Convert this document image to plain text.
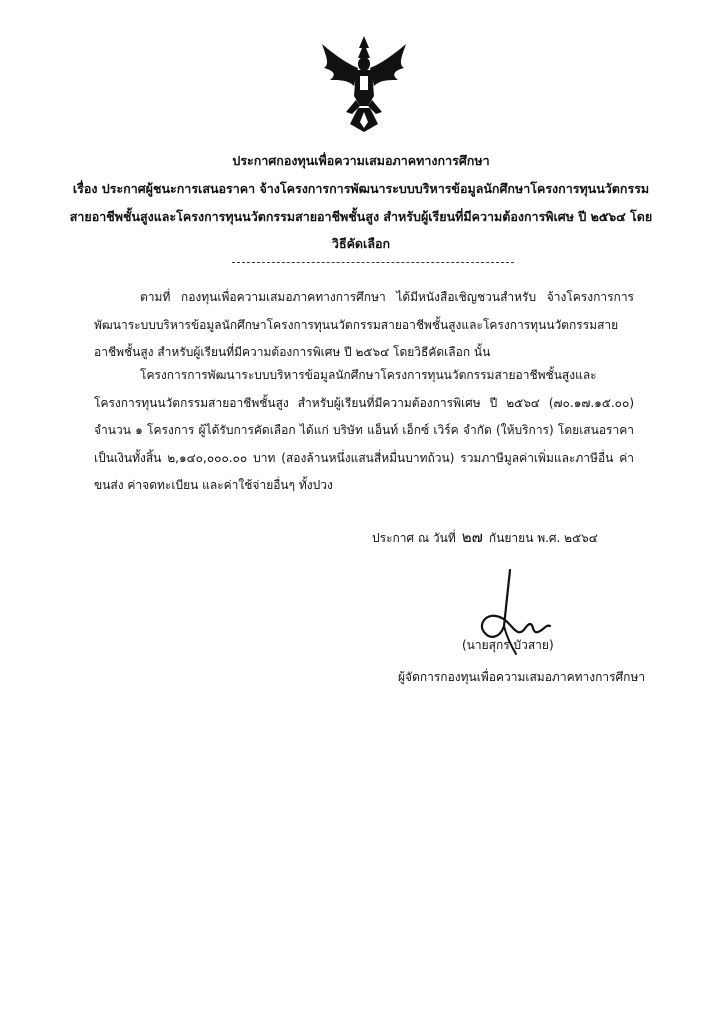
ประกาศกองทุนเพื่อความเสมอภาคทางการศึกษา
เรื่อง ประกาศผู้ชนะการเสนอราคา จ้างโครงการการพัฒนาระบบบริหารข้อมูลนักศึกษาโครงการทุนนวัตกรรม
สายอาชีพชั้นสูงและโครงการทุนนวัตกรรมสายอาชีพชั้นสูง สำหรับผู้เรียนที่มีความต้องการพิเศษ ปี ๒๕๖๔ โดย
วิธีคัดเลือก
ตามที่ กองทุนเพื่อความเสมอภาคทางการศึกษา ได้มีหนังสือเชิญชวนสำหรับ จ้างโครงการการพัฒนาระบบบริหารข้อมูลนักศึกษาโครงการทุนนวัตกรรมสายอาชีพชั้นสูงและโครงการทุนนวัตกรรมสายอาชีพชั้นสูง สำหรับผู้เรียนที่มีความต้องการพิเศษ ปี ๒๕๖๔ โดยวิธีคัดเลือก นั้น
โครงการการพัฒนาระบบบริหารข้อมูลนักศึกษาโครงการทุนนวัตกรรมสายอาชีพชั้นสูงและโครงการทุนนวัตกรรมสายอาชีพชั้นสูง สำหรับผู้เรียนที่มีความต้องการพิเศษ ปี ๒๕๖๔ (๗๐.๑๗.๑๕.๐๐) จำนวน ๑ โครงการ ผู้ได้รับการคัดเลือก ได้แก่ บริษัท แอ็นท์ เอ็กซ์ เวิร์ค จำกัด (ให้บริการ) โดยเสนอราคา เป็นเงินทั้งสิ้น ๒,๑๔๐,๐๐๐.๐๐ บาท (สองล้านหนึ่งแสนสี่หมื่นบาทถ้วน) รวมภาษีมูลค่าเพิ่มและภาษีอื่น ค่าขนส่ง ค่าจดทะเบียน และค่าใช้จ่ายอื่นๆ ทั้งปวง
ประกาศ ณ วันที่ ๒๗ กันยายน พ.ศ. ๒๕๖๔
(นายสุกร บัวสาย)
ผู้จัดการกองทุนเพื่อความเสมอภาคทางการศึกษา
